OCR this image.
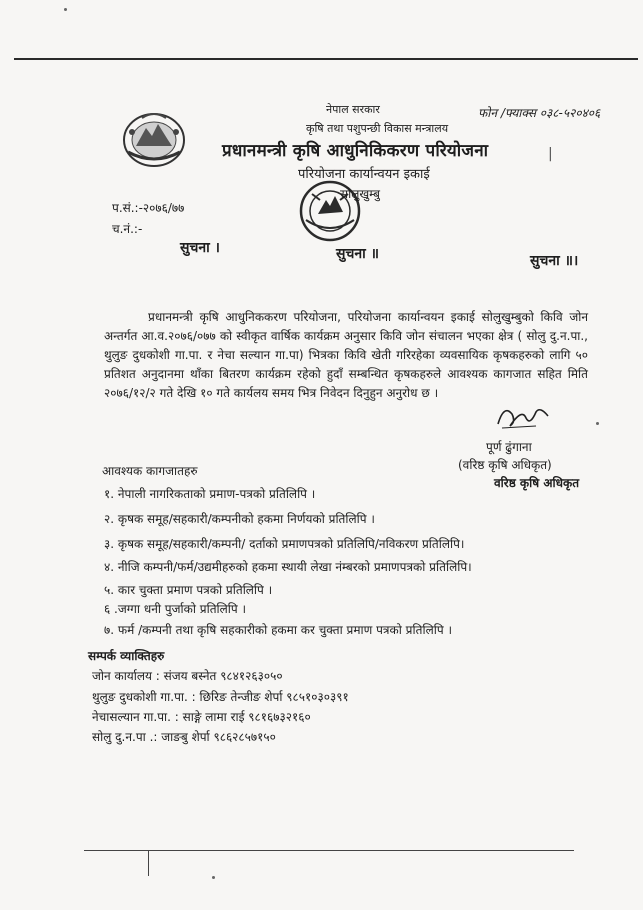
नेपाल सरकार
कृषि तथा पशुपन्छी विकास मन्त्रालय
प्रधानमन्त्री कृषि आधुनिकिकरण परियोजना
परियोजना कार्यान्वयन इकाई
सोलुखुम्बु
फोन /फ्याक्स ०३८-५२०४०६
|
प.सं.:-२०७६/७७
च.नं.:-
सुचना ।	सुचना ॥	सुचना ॥।

प्रधानमन्त्री कृषि आधुनिककरण परियोजना, परियोजना कार्यान्वयन इकाई सोलुखुम्बुको किवि जोन अन्तर्गत आ.व.२०७६/०७७ को स्वीकृत वार्षिक कार्यक्रम अनुसार किवि जोन संचालन भएका क्षेत्र ( सोलु दु.न.पा., थुलुङ दुधकोशी गा.पा. र नेचा सल्यान गा.पा) भित्रका किवि खेती गरिरहेका व्यवसायिक कृषकहरुको लागि ५० प्रतिशत अनुदानमा थाँका बितरण कार्यक्रम रहेको हुदाँ सम्बन्धित कृषकहरुले आवश्यक कागजात सहित मिति २०७६/१२/२ गते देखि १० गते कार्यलय समय भित्र निवेदन दिनुहुन अनुरोध छ ।

पूर्ण ढुंगाना
(वरिष्ठ कृषि अधिकृत)
वरिष्ठ कृषि अधिकृत
आवश्यक कागजातहरु
१. नेपाली नागरिकताको प्रमाण-पत्रको प्रतिलिपि ।
२. कृषक समूह/सहकारी/कम्पनीको हकमा निर्णयको प्रतिलिपि ।
३. कृषक समूह/सहकारी/कम्पनी/ दर्ताको प्रमाणपत्रको प्रतिलिपि/नविकरण प्रतिलिपि।
४. नीजि कम्पनी/फर्म/उद्यमीहरुको हकमा स्थायी लेखा नंम्बरको प्रमाणपत्रको प्रतिलिपि।
५. कार चुक्ता प्रमाण पत्रको प्रतिलिपि ।
६ .जग्गा धनी पुर्जाको प्रतिलिपि ।
७. फर्म /कम्पनी तथा कृषि सहकारीको हकमा कर चुक्ता प्रमाण पत्रको प्रतिलिपि ।
सम्पर्क व्याक्तिहरु
जोन कार्यालय : संजय बस्नेत ९८४१२६३०५०
थुलुङ दुधकोशी गा.पा. : छिरिङ तेन्जीङ शेर्पा ९८५१०३०३९१
नेचासल्यान गा.पा. : साङ्गे लामा राई ९८१६७३२१६०
सोलु दु.न.पा .: जाङबु शेर्पा ९८६२८५७१५०
